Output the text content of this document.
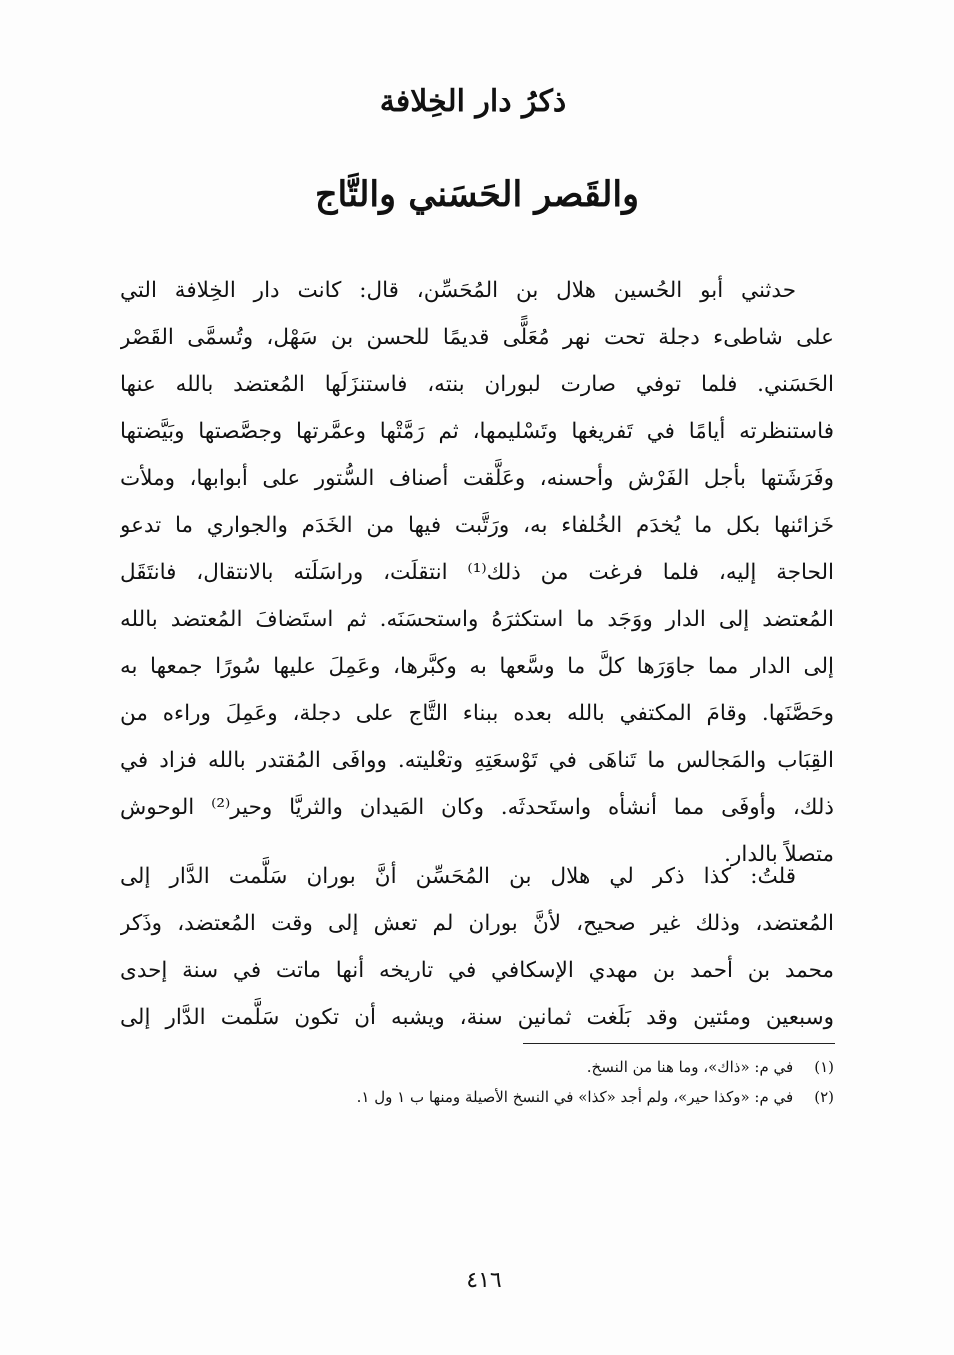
ذكرُ دار الخِلافة
والقَصر الحَسَني والتَّاج
حدثني أبو الحُسين هلال بن المُحَسِّن، قال: كانت دار الخِلافة التي
على شاطىء دجلة تحت نهر مُعَلًّى قديمًا للحسن بن سَهْل، وتُسمَّى القَصْر
الحَسَني. فلما توفي صارت لبوران بنته، فاستنزَلَها المُعتضد بالله عنها
فاستنظرته أيامًا في تَفريغها وتَسْليمها، ثم رَمَّتْها وعمَّرتها وجصَّصتها وبَيَّضتها
وفَرَشَتها بأجل الفَرْش وأحسنه، وعَلَّقت أصناف السُّتور على أبوابها، وملأت
خَزائنها بكل ما يُخدَم الخُلفاء به، ورَتَّبت فيها من الخَدَم والجواري ما تدعو
الحاجة إليه، فلما فرغت من ذلك⁽¹⁾ انتقلَت، وراسَلَته بالانتقال، فانتَقَل
المُعتضد إلى الدار ووَجَد ما استكثرَهُ واستحسَنَه. ثم استَضافَ المُعتضد بالله
إلى الدار مما جاوَرَها كلَّ ما وسَّعها به وكبَّرها، وعَمِلَ عليها سُورًا جمعها به
وحَصَّنَها. وقامَ المكتفي بالله بعده ببناء التَّاج على دجلة، وعَمِلَ وراءه من
القِبَاب والمَجالس ما تَناهَى في تَوْسعَتِهِ وتعْليته. ووافَى المُقتدر بالله فزاد في
ذلك، وأوفَى مما أنشأه واستَحدثَه. وكان المَيدان والثريَّا وحير⁽²⁾ الوحوش
متصلاً بالدار.
قلتُ: كذا ذكر لي هلال بن المُحَسِّن أنَّ بوران سَلَّمت الدَّار إلى
المُعتضد، وذلك غير صحيح، لأنَّ بوران لم تعش إلى وقت المُعتضد، وذَكر
محمد بن أحمد بن مهدي الإسكافي في تاريخه أنها ماتت في سنة إحدى
وسبعين ومئتين وقد بَلَغت ثمانين سنة، ويشبه أن تكون سَلَّمت الدَّار إلى
(١) في م: «ذاك»، وما هنا من النسخ.
(٢) في م: «وكذا حير»، ولم أجد «كذا» في النسخ الأصيلة ومنها ب ١ ول ١.
٤١٦
